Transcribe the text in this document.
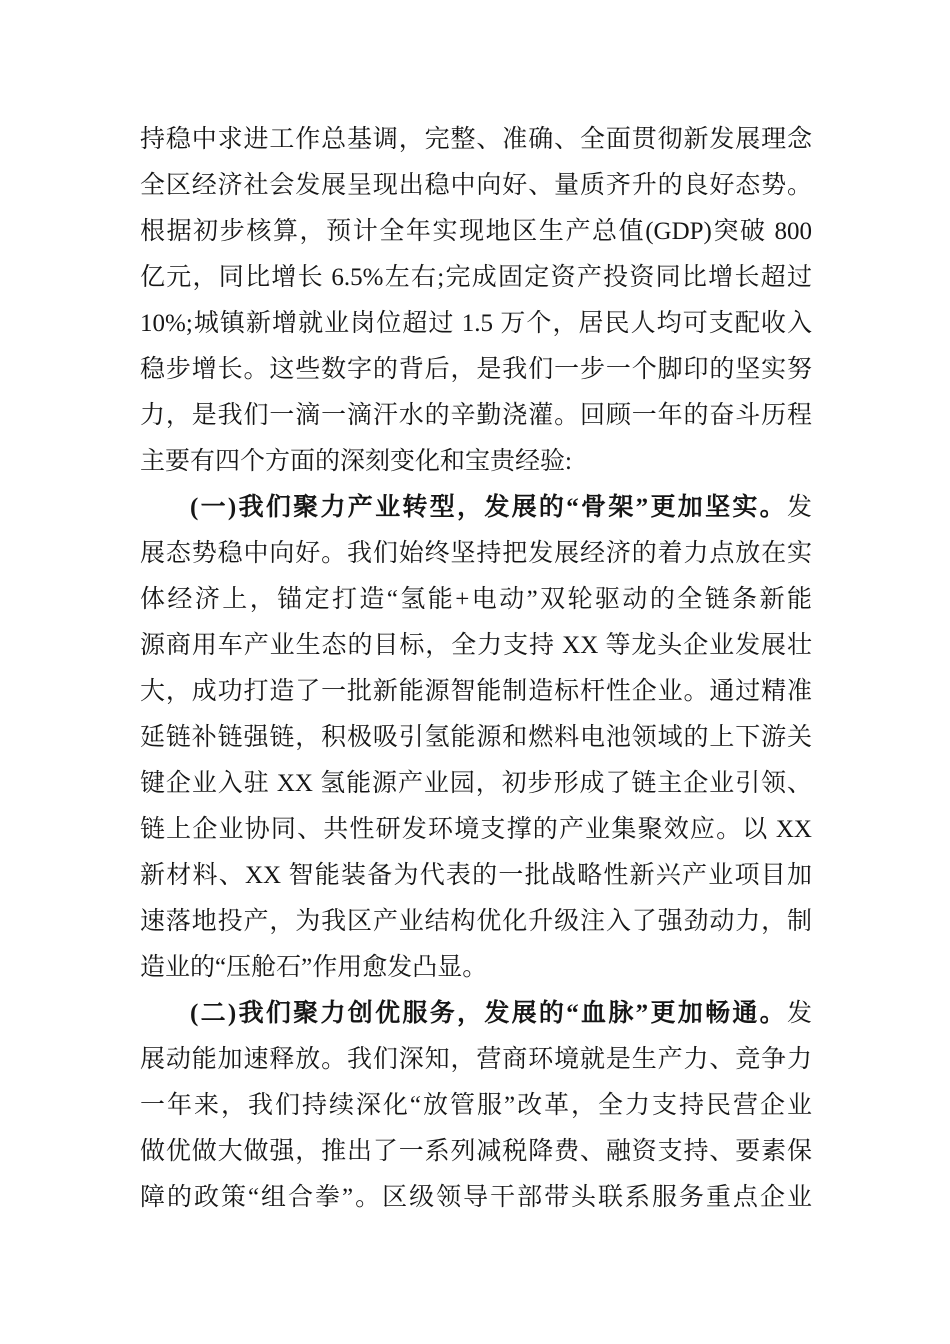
持稳中求进工作总基调，完整、准确、全面贯彻新发展理念
全区经济社会发展呈现出稳中向好、量质齐升的良好态势。
根据初步核算，预计全年实现地区生产总值(GDP)突破 800
亿元，同比增长 6.5%左右;完成固定资产投资同比增长超过
10%;城镇新增就业岗位超过 1.5 万个，居民人均可支配收入
稳步增长。这些数字的背后，是我们一步一个脚印的坚实努
力，是我们一滴一滴汗水的辛勤浇灌。回顾一年的奋斗历程
主要有四个方面的深刻变化和宝贵经验:
(一)我们聚力产业转型，发展的“骨架”更加坚实。发
展态势稳中向好。我们始终坚持把发展经济的着力点放在实
体经济上，锚定打造“氢能+电动”双轮驱动的全链条新能
源商用车产业生态的目标，全力支持 XX 等龙头企业发展壮
大，成功打造了一批新能源智能制造标杆性企业。通过精准
延链补链强链，积极吸引氢能源和燃料电池领域的上下游关
键企业入驻 XX 氢能源产业园，初步形成了链主企业引领、
链上企业协同、共性研发环境支撑的产业集聚效应。以 XX
新材料、XX 智能装备为代表的一批战略性新兴产业项目加
速落地投产，为我区产业结构优化升级注入了强劲动力，制
造业的“压舱石”作用愈发凸显。
(二)我们聚力创优服务，发展的“血脉”更加畅通。发
展动能加速释放。我们深知，营商环境就是生产力、竞争力
一年来，我们持续深化“放管服”改革，全力支持民营企业
做优做大做强，推出了一系列减税降费、融资支持、要素保
障的政策“组合拳”。区级领导干部带头联系服务重点企业
